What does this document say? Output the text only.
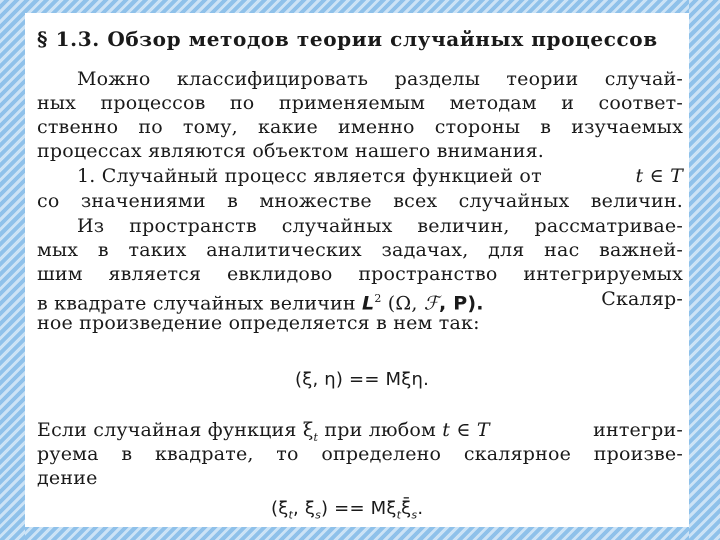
§ 1.3. Обзор методов теории случайных процессов
Можно классифицировать разделы теории случай-
ных процессов по применяемым методам и соответ-
ственно по тому, какие именно стороны в изучаемых
процессах являются объектом нашего внимания.
1. Случайный процесс является функцией от	t ∈ T
со значениями в множестве всех случайных величин.
Из пространств случайных величин, рассматривае-
мых в таких аналитических задачах, для нас важней-
шим является евклидово пространство интегрируемых
в квадрате случайных величин $L^2$ (Ω, ℱ, P).	Скаляр-
ное произведение определяется в нем так:
(ξ, η) == Mξη.
Если случайная функция $\xi_t$ при любом t ∈ T	интегри-
руема в квадрате, то определено скалярное произве-
дение
($\xi_t$, $\xi_s$) == $M\xi_t\xī_s$.
